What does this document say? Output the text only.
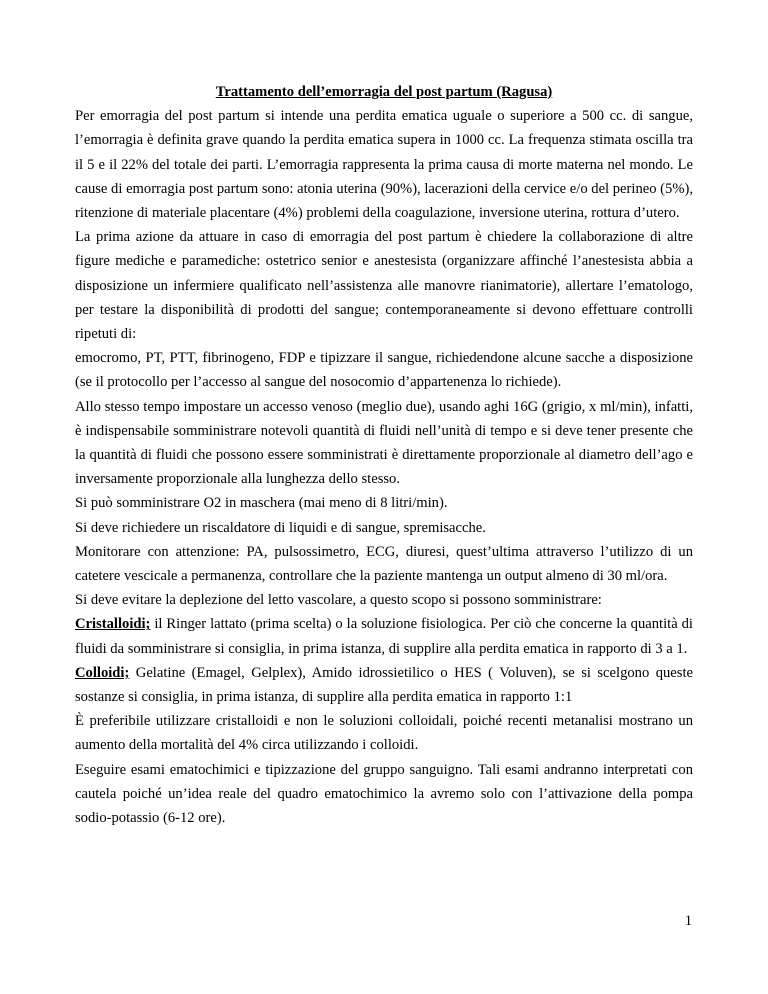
Trattamento dell’emorragia del post partum (Ragusa)

Per emorragia del post partum si intende una perdita ematica uguale o superiore a 500 cc. di sangue, l’emorragia è definita grave quando la perdita ematica supera in 1000 cc. La frequenza stimata oscilla tra il 5 e il 22% del totale dei parti. L’emorragia rappresenta la prima causa di morte materna nel mondo. Le cause di emorragia post partum sono: atonia uterina (90%), lacerazioni della cervice e/o del perineo (5%), ritenzione di materiale placentare (4%) problemi della coagulazione, inversione uterina, rottura d’utero.

La prima azione da attuare in caso di emorragia del post partum è chiedere la collaborazione di altre figure mediche e paramediche: ostetrico senior e anestesista (organizzare affinché l’anestesista abbia a disposizione un infermiere qualificato nell’assistenza alle manovre rianimatorie), allertare l’ematologo, per testare la disponibilità di prodotti del sangue; contemporaneamente si devono effettuare controlli ripetuti di:

emocromo, PT, PTT, fibrinogeno, FDP e tipizzare il sangue, richiedendone alcune sacche a disposizione (se il protocollo per l’accesso al sangue del nosocomio d’appartenenza lo richiede).

Allo stesso tempo impostare un accesso venoso (meglio due), usando aghi 16G (grigio, x ml/min), infatti, è indispensabile somministrare notevoli quantità di fluidi nell’unità di tempo e si deve tener presente che la quantità di fluidi che possono essere somministrati è direttamente proporzionale al diametro dell’ago e inversamente proporzionale alla lunghezza dello stesso.

Si può somministrare O2 in maschera (mai meno di 8 litri/min).

Si deve richiedere un riscaldatore di liquidi e di sangue, spremisacche.

Monitorare con attenzione: PA, pulsossimetro, ECG, diuresi, quest’ultima attraverso l’utilizzo di un catetere vescicale a permanenza, controllare che la paziente mantenga un output almeno di 30 ml/ora.

Si deve evitare la deplezione del letto vascolare, a questo scopo si possono somministrare:

Cristalloidi; il Ringer lattato (prima scelta) o la soluzione fisiologica. Per ciò che concerne la quantità di fluidi da somministrare si consiglia, in prima istanza, di supplire alla perdita ematica in rapporto di 3 a 1.

Colloidi; Gelatine (Emagel, Gelplex), Amido idrossietilico o HES ( Voluven), se si scelgono queste sostanze si consiglia, in prima istanza, di supplire alla perdita ematica in rapporto 1:1

È preferibile utilizzare cristalloidi e non le soluzioni colloidali, poiché recenti metanalisi mostrano un aumento della mortalità del 4% circa utilizzando i colloidi.

Eseguire esami ematochimici e tipizzazione del gruppo sanguigno. Tali esami andranno interpretati con cautela poiché un’idea reale del quadro ematochimico la avremo solo con l’attivazione della pompa sodio-potassio (6-12 ore).

1
